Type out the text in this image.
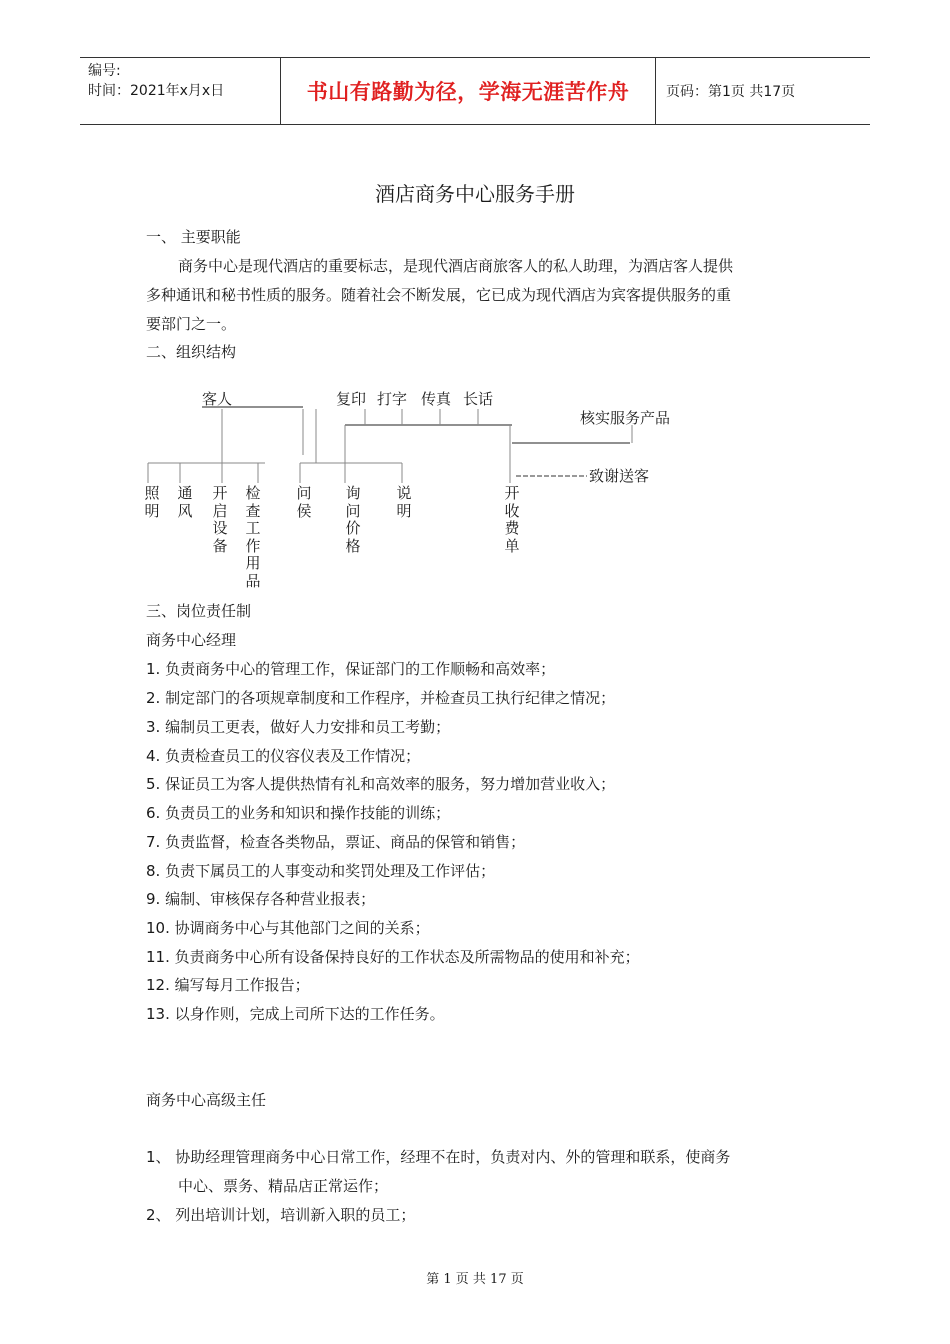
编号:
时间：2021年x月x日	书山有路勤为径，学海无涯苦作舟	页码：第1页 共17页
酒店商务中心服务手册
一、 主要职能
商务中心是现代酒店的重要标志，是现代酒店商旅客人的私人助理，为酒店客人提供
多种通讯和秘书性质的服务。随着社会不断发展，它已成为现代酒店为宾客提供服务的重
要部门之一。
二、组织结构
客人	复印 打字 传真 长话
核实服务产品
致谢送客
照明
通风
开启设备
检查工作用品
问侯
询问价格
说明
开收费单
三、岗位责任制
商务中心经理
1. 负责商务中心的管理工作，保证部门的工作顺畅和高效率；
2. 制定部门的各项规章制度和工作程序，并检查员工执行纪律之情况；
3. 编制员工更表，做好人力安排和员工考勤；
4. 负责检查员工的仪容仪表及工作情况；
5. 保证员工为客人提供热情有礼和高效率的服务，努力增加营业收入；
6. 负责员工的业务和知识和操作技能的训练；
7. 负责监督，检查各类物品，票证、商品的保管和销售；
8. 负责下属员工的人事变动和奖罚处理及工作评估；
9. 编制、审核保存各种营业报表；
10. 协调商务中心与其他部门之间的关系；
11. 负责商务中心所有设备保持良好的工作状态及所需物品的使用和补充；
12. 编写每月工作报告；
13. 以身作则，完成上司所下达的工作任务。
商务中心高级主任
1、 协助经理管理商务中心日常工作，经理不在时，负责对内、外的管理和联系，使商务
中心、票务、精品店正常运作；
2、 列出培训计划，培训新入职的员工；
第 1 页 共 17 页
